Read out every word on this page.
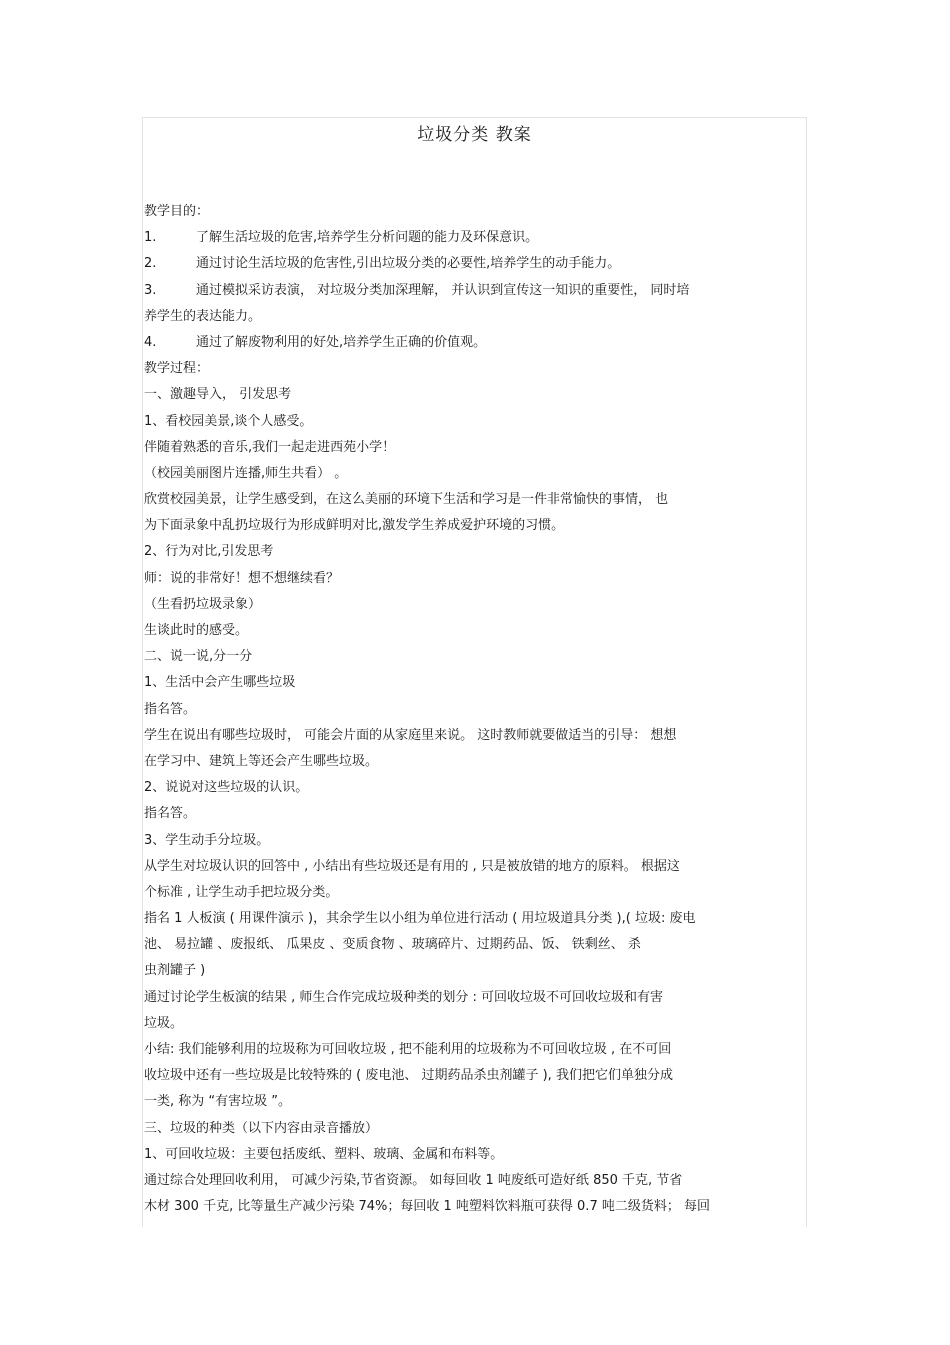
垃圾分类 教案
教学目的：
1.	了解生活垃圾的危害,培养学生分析问题的能力及环保意识。
2.	通过讨论生活垃圾的危害性,引出垃圾分类的必要性,培养学生的动手能力。
3.	通过模拟采访表演， 对垃圾分类加深理解， 并认识到宣传这一知识的重要性， 同时培
养学生的表达能力。
4.	通过了解废物利用的好处,培养学生正确的价值观。
教学过程：
一、激趣导入， 引发思考
1、看校园美景,谈个人感受。
伴随着熟悉的音乐,我们一起走进西苑小学！
（校园美丽图片连播,师生共看） 。
欣赏校园美景，让学生感受到，在这么美丽的环境下生活和学习是一件非常愉快的事情， 也
为下面录象中乱扔垃圾行为形成鲜明对比,激发学生养成爱护环境的习惯。
2、行为对比,引发思考
师：说的非常好！想不想继续看？
（生看扔垃圾录象）
生谈此时的感受。
二、说一说,分一分
1、生活中会产生哪些垃圾
指名答。
学生在说出有哪些垃圾时， 可能会片面的从家庭里来说。 这时教师就要做适当的引导： 想想
在学习中、建筑上等还会产生哪些垃圾。
2、说说对这些垃圾的认识。
指名答。
3、学生动手分垃圾。
从学生对垃圾认识的回答中 , 小结出有些垃圾还是有用的 , 只是被放错的地方的原料。 根据这
个标准 , 让学生动手把垃圾分类。
指名 1 人板演 ( 用课件演示 )，其余学生以小组为单位进行活动 ( 用垃圾道具分类 ),( 垃圾: 废电
池、 易拉罐 、废报纸、 瓜果皮 、变质食物 、玻璃碎片、过期药品、饭、 铁剩丝、 杀
虫剂罐子 )
通过讨论学生板演的结果 , 师生合作完成垃圾种类的划分 : 可回收垃圾不可回收垃圾和有害
垃圾。
小结: 我们能够利用的垃圾称为可回收垃圾 , 把不能利用的垃圾称为不可回收垃圾 , 在不可回
收垃圾中还有一些垃圾是比较特殊的 ( 废电池、 过期药品杀虫剂罐子 ), 我们把它们单独分成
一类, 称为 “有害垃圾 ”。
三、垃圾的种类（以下内容由录音播放）
1、可回收垃圾：主要包括废纸、塑料、玻璃、金属和布料等。
通过综合处理回收利用， 可减少污染,节省资源。 如每回收 1 吨废纸可造好纸 850 千克, 节省
木材 300 千克, 比等量生产减少污染 74%；每回收 1 吨塑料饮料瓶可获得 0.7 吨二级货料； 每回
